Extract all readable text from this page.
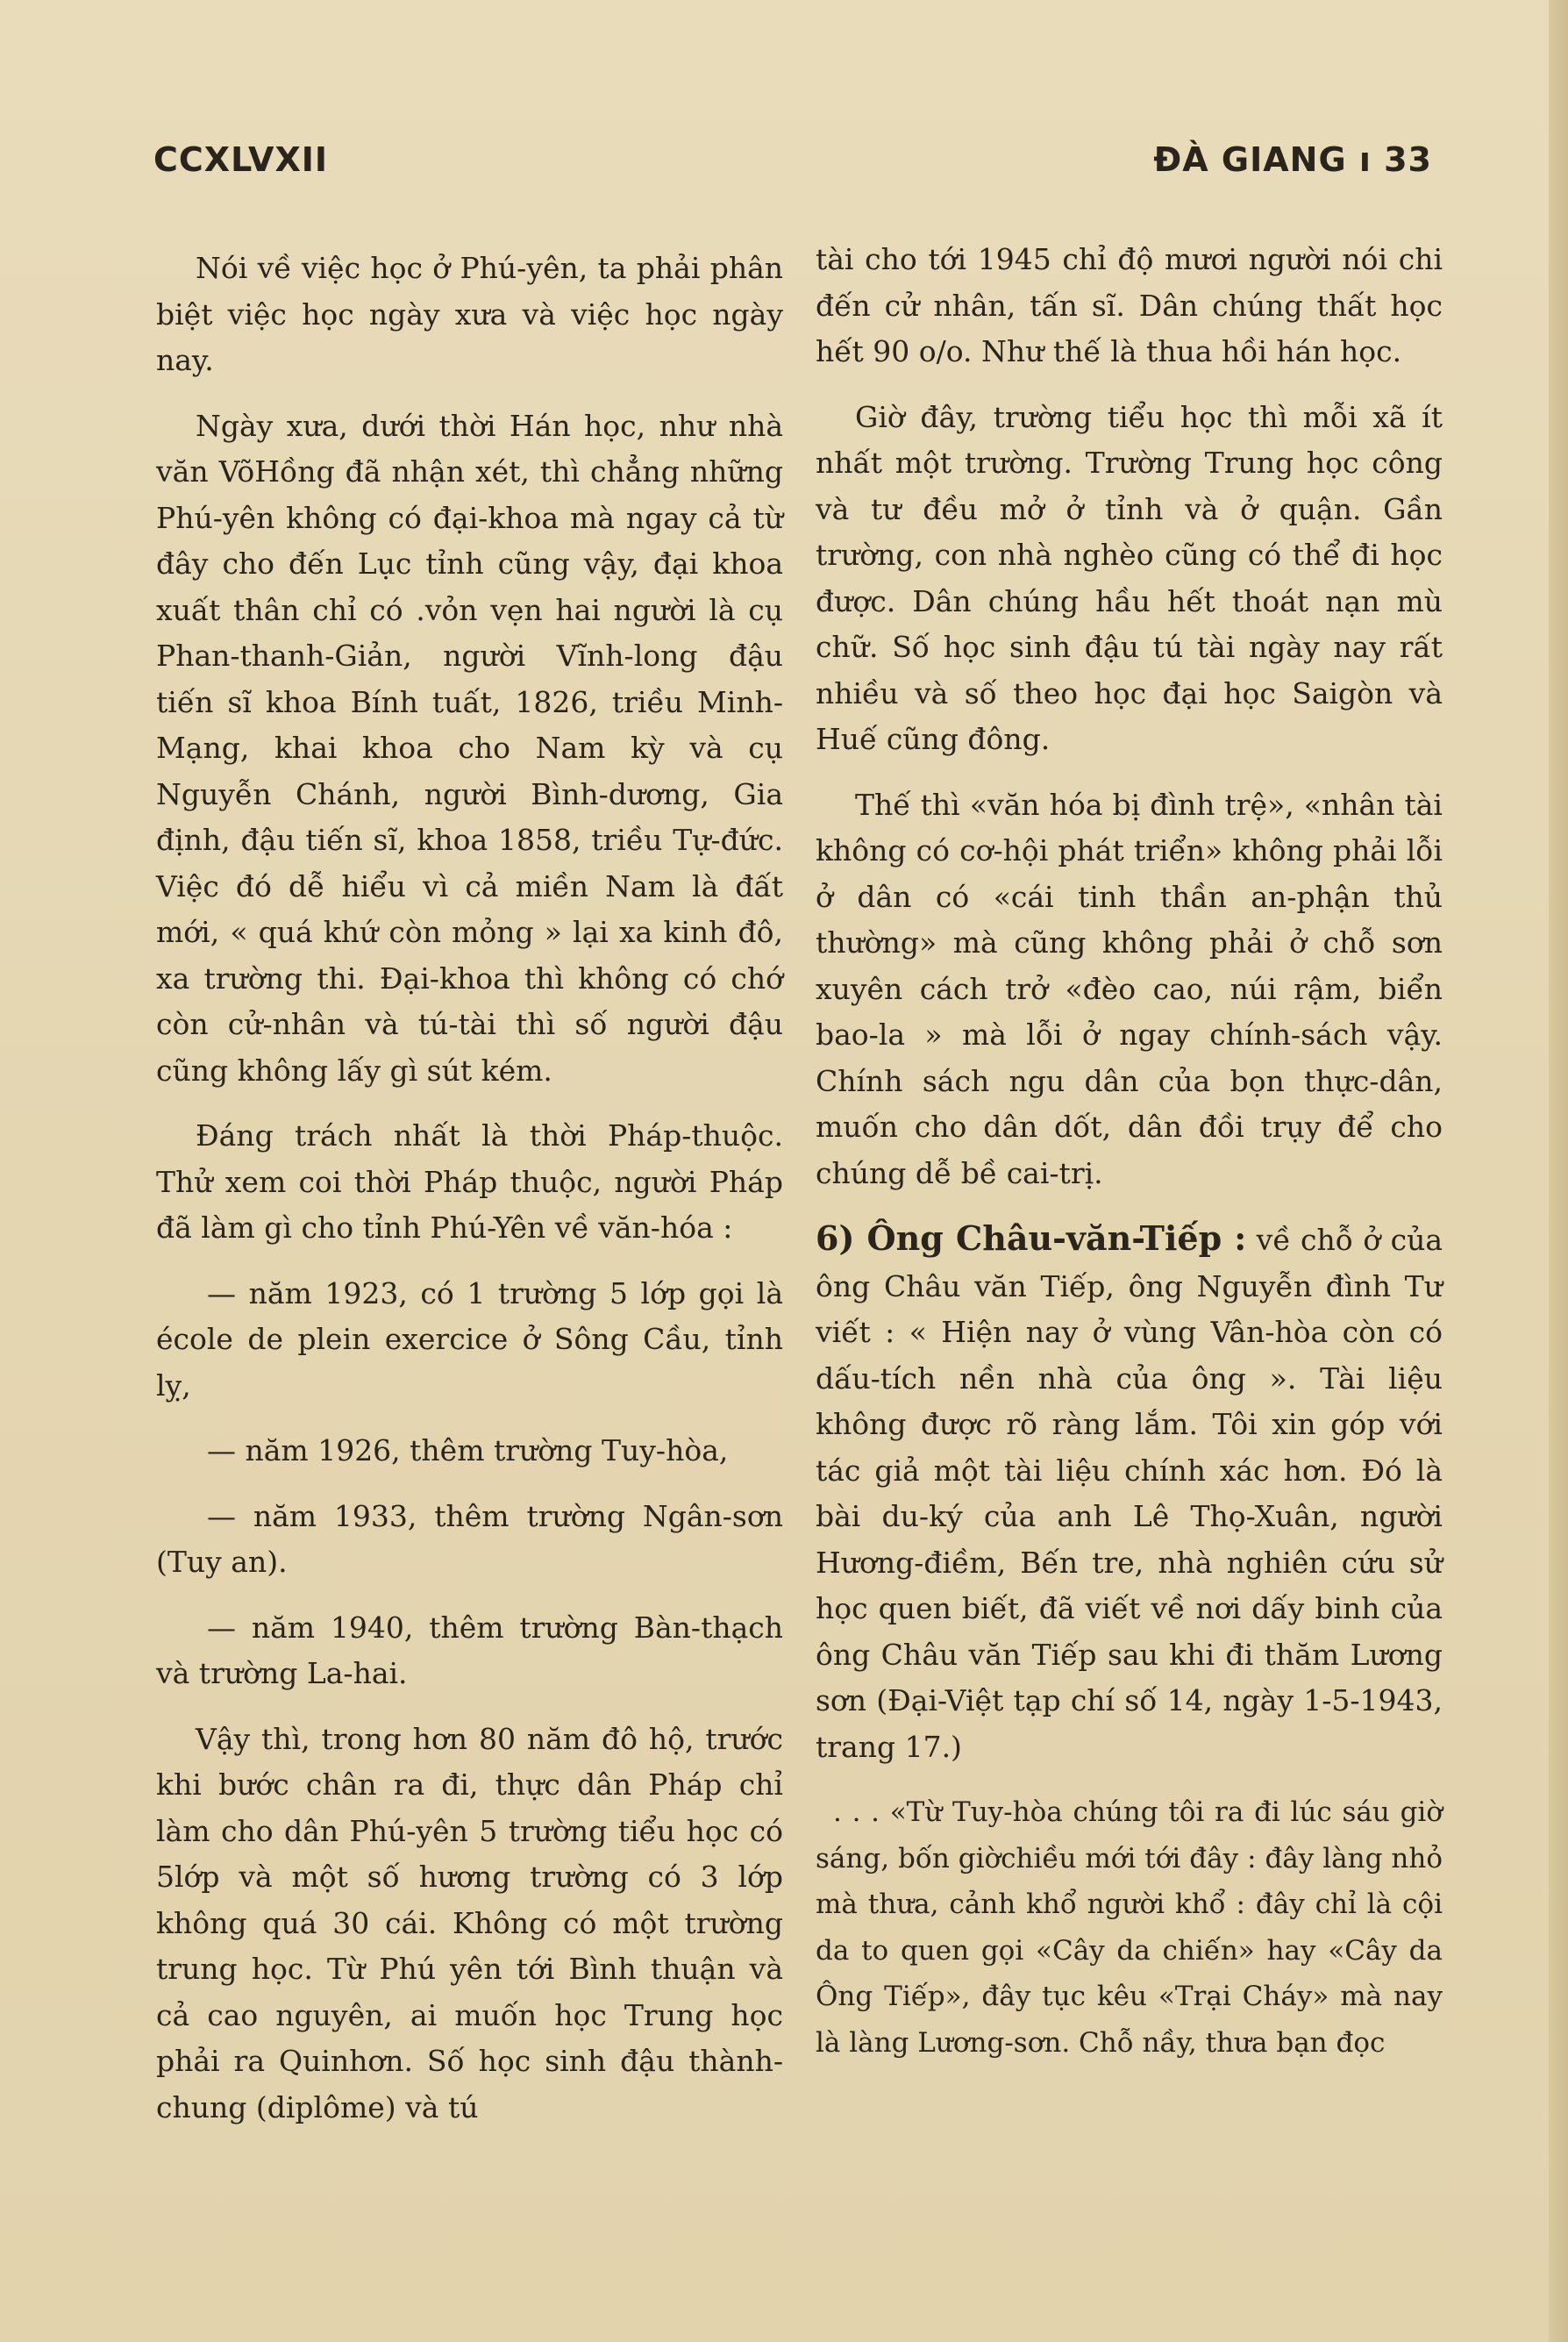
CCXLVXII	ĐÀ GIANG ı 33

Nói về việc học ở Phú-yên, ta phải phân biệt việc học ngày xưa và việc học ngày nay.

Ngày xưa, dưới thời Hán học, như nhà văn VõHồng đã nhận xét, thì chẳng những Phú-yên không có đại-khoa mà ngay cả từ đây cho đến Lục tỉnh cũng vậy, đại khoa xuất thân chỉ có .vỏn vẹn hai người là cụ Phan-thanh-Giản, người Vĩnh-long đậu tiến sĩ khoa Bính tuất, 1826, triều Minh-Mạng, khai khoa cho Nam kỳ và cụ Nguyễn Chánh, người Bình-dương, Gia định, đậu tiến sĩ, khoa 1858, triều Tự-đức. Việc đó dễ hiểu vì cả miền Nam là đất mới, « quá khứ còn mỏng » lại xa kinh đô, xa trường thi. Đại-khoa thì không có chớ còn cử-nhân và tú-tài thì số người đậu cũng không lấy gì sút kém.

Đáng trách nhất là thời Pháp-thuộc. Thử xem coi thời Pháp thuộc, người Pháp đã làm gì cho tỉnh Phú-Yên về văn-hóa :

— năm 1923, có 1 trường 5 lớp gọi là école de plein exercice ở Sông Cầu, tỉnh lỵ,

— năm 1926, thêm trường Tuy-hòa,

— năm 1933, thêm trường Ngân-sơn (Tuy an).

— năm 1940, thêm trường Bàn-thạch và trường La-hai.

Vậy thì, trong hơn 80 năm đô hộ, trước khi bước chân ra đi, thực dân Pháp chỉ làm cho dân Phú-yên 5 trường tiểu học có 5lớp và một số hương trường có 3 lớp không quá 30 cái. Không có một trường trung học. Từ Phú yên tới Bình thuận và cả cao nguyên, ai muốn học Trung học phải ra Quinhơn. Số học sinh đậu thành-chung (diplôme) và tú

tài cho tới 1945 chỉ độ mươi người nói chi đến cử nhân, tấn sĩ. Dân chúng thất học hết 90 o/o. Như thế là thua hồi hán học.

Giờ đây, trường tiểu học thì mỗi xã ít nhất một trường. Trường Trung học công và tư đều mở ở tỉnh và ở quận. Gần trường, con nhà nghèo cũng có thể đi học được. Dân chúng hầu hết thoát nạn mù chữ. Số học sinh đậu tú tài ngày nay rất nhiều và số theo học đại học Saigòn và Huế cũng đông.

Thế thì «văn hóa bị đình trệ», «nhân tài không có cơ-hội phát triển» không phải lỗi ở dân có «cái tinh thần an-phận thủ thường» mà cũng không phải ở chỗ sơn xuyên cách trở «đèo cao, núi rậm, biển bao-la » mà lỗi ở ngay chính-sách vậy. Chính sách ngu dân của bọn thực-dân, muốn cho dân dốt, dân đồi trụy để cho chúng dễ bề cai-trị.

6) Ông Châu-văn-Tiếp : về chỗ ở của ông Châu văn Tiếp, ông Nguyễn đình Tư viết : « Hiện nay ở vùng Vân-hòa còn có dấu-tích nền nhà của ông ». Tài liệu không được rõ ràng lắm. Tôi xin góp với tác giả một tài liệu chính xác hơn. Đó là bài du-ký của anh Lê Thọ-Xuân, người Hương-điềm, Bến tre, nhà nghiên cứu sử học quen biết, đã viết về nơi dấy binh của ông Châu văn Tiếp sau khi đi thăm Lương sơn (Đại-Việt tạp chí số 14, ngày 1-5-1943, trang 17.)

. . . «Từ Tuy-hòa chúng tôi ra đi lúc sáu giờ sáng, bốn giờchiều mới tới đây : đây làng nhỏ mà thưa, cảnh khổ người khổ : đây chỉ là cội da to quen gọi «Cây da chiến» hay «Cây da Ông Tiếp», đây tục kêu «Trại Cháy» mà nay là làng Lương-sơn. Chỗ nầy, thưa bạn đọc
